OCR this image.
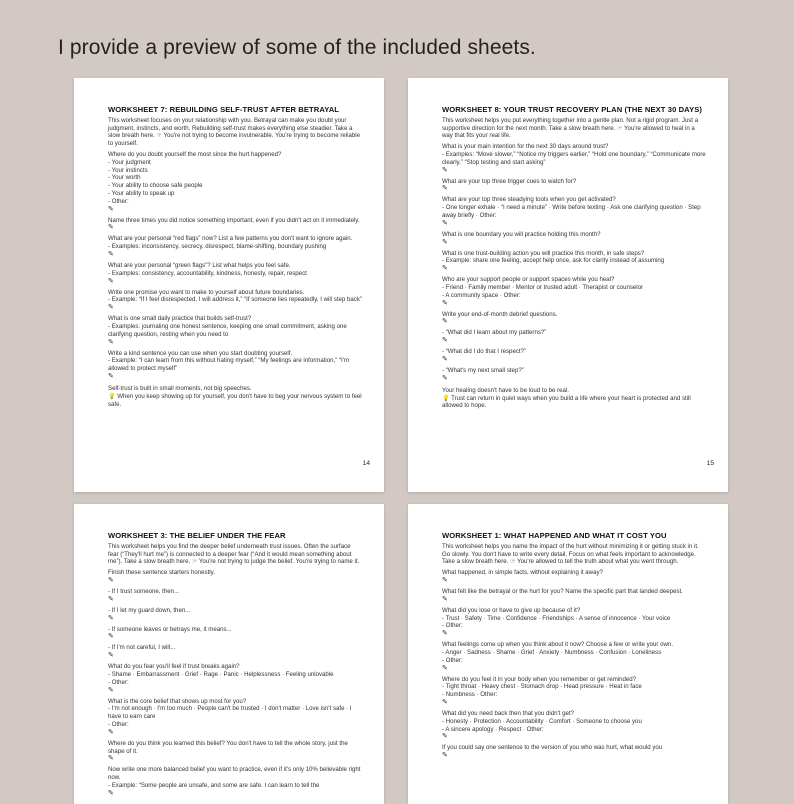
I provide a preview of some of the included sheets.
WORKSHEET 7: REBUILDING SELF-TRUST AFTER BETRAYAL
This worksheet focuses on your relationship with you. Betrayal can make you doubt your judgment, instincts, and worth. Rebuilding self-trust makes everything else steadier. Take a slow breath here. ☞ You're not trying to become invulnerable. You're trying to become reliable to yourself.
Where do you doubt yourself the most since the hurt happened?
- Your judgment
- Your instincts
- Your worth
- Your ability to choose safe people
- Your ability to speak up
- Other:
✎
Name three times you did notice something important, even if you didn't act on it immediately.
✎
What are your personal “red flags” now? List a few patterns you don't want to ignore again.
- Examples: inconsistency, secrecy, disrespect, blame-shifting, boundary pushing
✎
What are your personal “green flags”? List what helps you feel safe.
- Examples: consistency, accountability, kindness, honesty, repair, respect
✎
Write one promise you want to make to yourself about future boundaries.
- Example: “If I feel disrespected, I will address it,” “If someone lies repeatedly, I will step back”
✎
What is one small daily practice that builds self-trust?
- Examples: journaling one honest sentence, keeping one small commitment, asking one clarifying question, resting when you need to
✎
Write a kind sentence you can use when you start doubting yourself.
- Example: “I can learn from this without hating myself,” “My feelings are information,” “I'm allowed to protect myself”
✎
Self-trust is built in small moments, not big speeches.
💡 When you keep showing up for yourself, you don't have to beg your nervous system to feel safe.
14
WORKSHEET 8: YOUR TRUST RECOVERY PLAN (THE NEXT 30 DAYS)
This worksheet helps you put everything together into a gentle plan. Not a rigid program. Just a supportive direction for the next month. Take a slow breath here. ☞ You're allowed to heal in a way that fits your real life.
What is your main intention for the next 30 days around trust?
- Examples: “Move slower,” “Notice my triggers earlier,” “Hold one boundary,” “Communicate more clearly,” “Stop testing and start asking”
✎
What are your top three trigger cues to watch for?
✎
What are your top three steadying tools when you get activated?
- One longer exhale · “I need a minute” · Write before texting · Ask one clarifying question · Step away briefly · Other:
✎
What is one boundary you will practice holding this month?
✎
What is one trust-building action you will practice this month, in safe steps?
- Example: share one feeling, accept help once, ask for clarity instead of assuming
✎
Who are your support people or support spaces while you heal?
- Friend · Family member · Mentor or trusted adult · Therapist or counselor
- A community space · Other:
✎
Write your end-of-month debrief questions.
✎
- “What did I learn about my patterns?”
✎
- “What did I do that I respect?”
✎
- “What's my next small step?”
✎
Your healing doesn't have to be loud to be real.
💡 Trust can return in quiet ways when you build a life where your heart is protected and still allowed to hope.
15
WORKSHEET 3: THE BELIEF UNDER THE FEAR
This worksheet helps you find the deeper belief underneath trust issues. Often the surface fear (“They'll hurt me”) is connected to a deeper fear (“And it would mean something about me”). Take a slow breath here. ☞ You're not trying to judge the belief. You're trying to name it.
Finish these sentence starters honestly.
✎
- If I trust someone, then...
✎
- If I let my guard down, then...
✎
- If someone leaves or betrays me, it means...
✎
- If I'm not careful, I will...
✎
What do you fear you'll feel if trust breaks again?
- Shame · Embarrassment · Grief · Rage · Panic · Helplessness · Feeling unlovable
- Other:
✎
What is the core belief that shows up most for you?
- I'm not enough · I'm too much · People can't be trusted · I don't matter · Love isn't safe · I have to earn care
- Other:
✎
Where do you think you learned this belief? You don't have to tell the whole story, just the shape of it.
✎
Now write one more balanced belief you want to practice, even if it's only 10% believable right now.
- Example: “Some people are unsafe, and some are safe. I can learn to tell the
✎
WORKSHEET 1: WHAT HAPPENED AND WHAT IT COST YOU
This worksheet helps you name the impact of the hurt without minimizing it or getting stuck in it. Go slowly. You don't have to write every detail. Focus on what feels important to acknowledge. Take a slow breath here. ☞ You're allowed to tell the truth about what you went through.
What happened, in simple facts, without explaining it away?
✎
What felt like the betrayal or the hurt for you? Name the specific part that landed deepest.
✎
What did you lose or have to give up because of it?
- Trust · Safety · Time · Confidence · Friendships · A sense of innocence · Your voice
- Other:
✎
What feelings come up when you think about it now? Choose a few or write your own.
- Anger · Sadness · Shame · Grief · Anxiety · Numbness · Confusion · Loneliness
- Other:
✎
Where do you feel it in your body when you remember or get reminded?
- Tight throat · Heavy chest · Stomach drop · Head pressure · Heat in face
- Numbness · Other:
✎
What did you need back then that you didn't get?
- Honesty · Protection · Accountability · Comfort · Someone to choose you
- A sincere apology · Respect · Other:
✎
If you could say one sentence to the version of you who was hurt, what would you
✎
